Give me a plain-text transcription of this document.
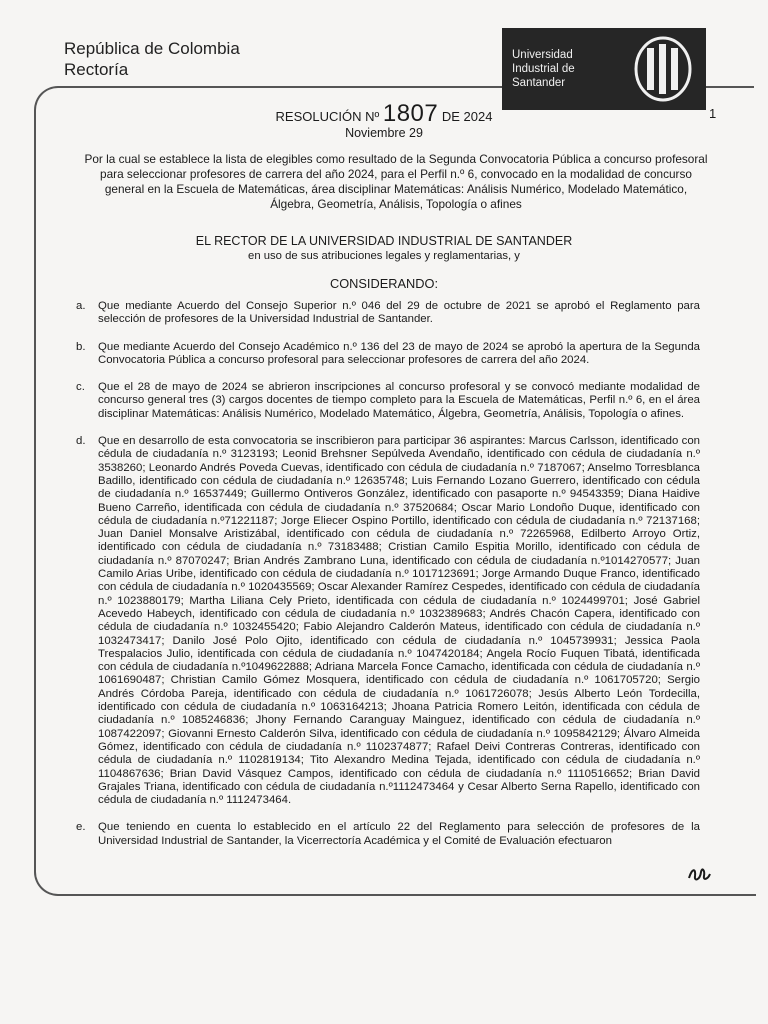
República de Colombia
Rectoría
Universidad
Industrial de
Santander
1
RESOLUCIÓN Nº 1807 DE 2024
Noviembre 29
Por la cual se establece la lista de elegibles como resultado de la Segunda Convocatoria Pública a concurso profesoral para seleccionar profesores de carrera del año 2024, para el Perfil n.º 6, convocado en la modalidad de concurso general en la Escuela de Matemáticas, área disciplinar Matemáticas: Análisis Numérico, Modelado Matemático, Álgebra, Geometría, Análisis, Topología o afines
EL RECTOR DE LA UNIVERSIDAD INDUSTRIAL DE SANTANDER
en uso de sus atribuciones legales y reglamentarias, y
CONSIDERANDO:
a.	Que mediante Acuerdo del Consejo Superior n.º 046 del 29 de octubre de 2021 se aprobó el Reglamento para selección de profesores de la Universidad Industrial de Santander.
b.	Que mediante Acuerdo del Consejo Académico n.º 136 del 23 de mayo de 2024 se aprobó la apertura de la Segunda Convocatoria Pública a concurso profesoral para seleccionar profesores de carrera del año 2024.
c.	Que el 28 de mayo de 2024 se abrieron inscripciones al concurso profesoral y se convocó mediante modalidad de concurso general tres (3) cargos docentes de tiempo completo para la Escuela de Matemáticas, Perfil n.º 6, en el área disciplinar Matemáticas: Análisis Numérico, Modelado Matemático, Álgebra, Geometría, Análisis, Topología o afines.
d.	Que en desarrollo de esta convocatoria se inscribieron para participar 36 aspirantes: Marcus Carlsson, identificado con cédula de ciudadanía n.º 3123193; Leonid Brehsner Sepúlveda Avendaño, identificado con cédula de ciudadanía n.º 3538260; Leonardo Andrés Poveda Cuevas, identificado con cédula de ciudadanía n.º 7187067; Anselmo Torresblanca Badillo, identificado con cédula de ciudadanía n.º 12635748; Luis Fernando Lozano Guerrero, identificado con cédula de ciudadanía n.º 16537449; Guillermo Ontiveros González, identificado con pasaporte n.º 94543359; Diana Haidive Bueno Carreño, identificada con cédula de ciudadanía n.º 37520684; Oscar Mario Londoño Duque, identificado con cédula de ciudadanía n.º71221187; Jorge Eliecer Ospino Portillo, identificado con cédula de ciudadanía n.º 72137168; Juan Daniel Monsalve Aristizábal, identificado con cédula de ciudadanía n.º 72265968, Edilberto Arroyo Ortiz, identificado con cédula de ciudadanía n.º 73183488; Cristian Camilo Espitia Morillo, identificado con cédula de ciudadanía n.º 87070247; Brian Andrés Zambrano Luna, identificado con cédula de ciudadanía n.º1014270577; Juan Camilo Arias Uribe, identificado con cédula de ciudadanía n.º 1017123691; Jorge Armando Duque Franco, identificado con cédula de ciudadanía n.º 1020435569; Oscar Alexander Ramírez Cespedes, identificado con cédula de ciudadanía n.º 1023880179; Martha Liliana Cely Prieto, identificada con cédula de ciudadanía n.º 1024499701; José Gabriel Acevedo Habeych, identificado con cédula de ciudadanía n.º 1032389683; Andrés Chacón Capera, identificado con cédula de ciudadanía n.º 1032455420; Fabio Alejandro Calderón Mateus, identificado con cédula de ciudadanía n.º 1032473417; Danilo José Polo Ojito, identificado con cédula de ciudadanía n.º 1045739931; Jessica Paola Trespalacios Julio, identificada con cédula de ciudadanía n.º 1047420184; Angela Rocío Fuquen Tibatá, identificada con cédula de ciudadanía n.º1049622888; Adriana Marcela Fonce Camacho, identificada con cédula de ciudadanía n.º 1061690487; Christian Camilo Gómez Mosquera, identificado con cédula de ciudadanía n.º 1061705720; Sergio Andrés Córdoba Pareja, identificado con cédula de ciudadanía n.º 1061726078; Jesús Alberto León Tordecilla, identificado con cédula de ciudadanía n.º 1063164213; Jhoana Patricia Romero Leitón, identificada con cédula de ciudadanía n.º 1085246836; Jhony Fernando Caranguay Mainguez, identificado con cédula de ciudadanía n.º 1087422097; Giovanni Ernesto Calderón Silva, identificado con cédula de ciudadanía n.º 1095842129; Álvaro Almeida Gómez, identificado con cédula de ciudadanía n.º 1102374877; Rafael Deivi Contreras Contreras, identificado con cédula de ciudadanía n.º 1102819134; Tito Alexandro Medina Tejada, identificado con cédula de ciudadanía n.º 1104867636; Brian David Vásquez Campos, identificado con cédula de ciudadanía n.º 1110516652; Brian David Grajales Triana, identificado con cédula de ciudadanía n.º1112473464 y Cesar Alberto Serna Rapello, identificado con cédula de ciudadanía n.º 1112473464.
e.	Que teniendo en cuenta lo establecido en el artículo 22 del Reglamento para selección de profesores de la Universidad Industrial de Santander, la Vicerrectoría Académica y el Comité de Evaluación efectuaron
